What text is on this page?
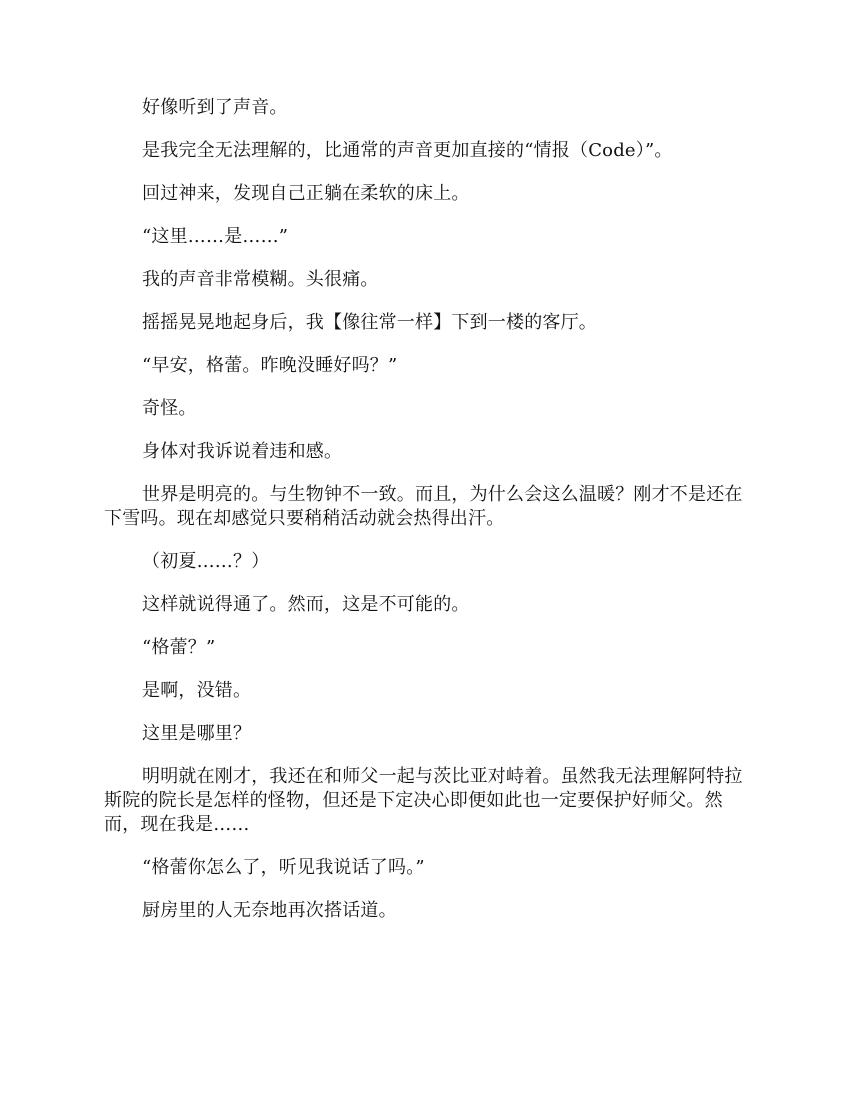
好像听到了声音。

是我完全无法理解的，比通常的声音更加直接的“情报（Code）”。

回过神来，发现自己正躺在柔软的床上。

“这里……是……”

我的声音非常模糊。头很痛。

摇摇晃晃地起身后，我【像往常一样】下到一楼的客厅。

“早安，格蕾。昨晚没睡好吗？”

奇怪。

身体对我诉说着违和感。

世界是明亮的。与生物钟不一致。而且，为什么会这么温暖？刚才不是还在下雪吗。现在却感觉只要稍稍活动就会热得出汗。

（初夏……？）

这样就说得通了。然而，这是不可能的。

“格蕾？”

是啊，没错。

这里是哪里？

明明就在刚才，我还在和师父一起与茨比亚对峙着。虽然我无法理解阿特拉斯院的院长是怎样的怪物，但还是下定决心即便如此也一定要保护好师父。然而，现在我是……

“格蕾你怎么了，听见我说话了吗。”

厨房里的人无奈地再次搭话道。
